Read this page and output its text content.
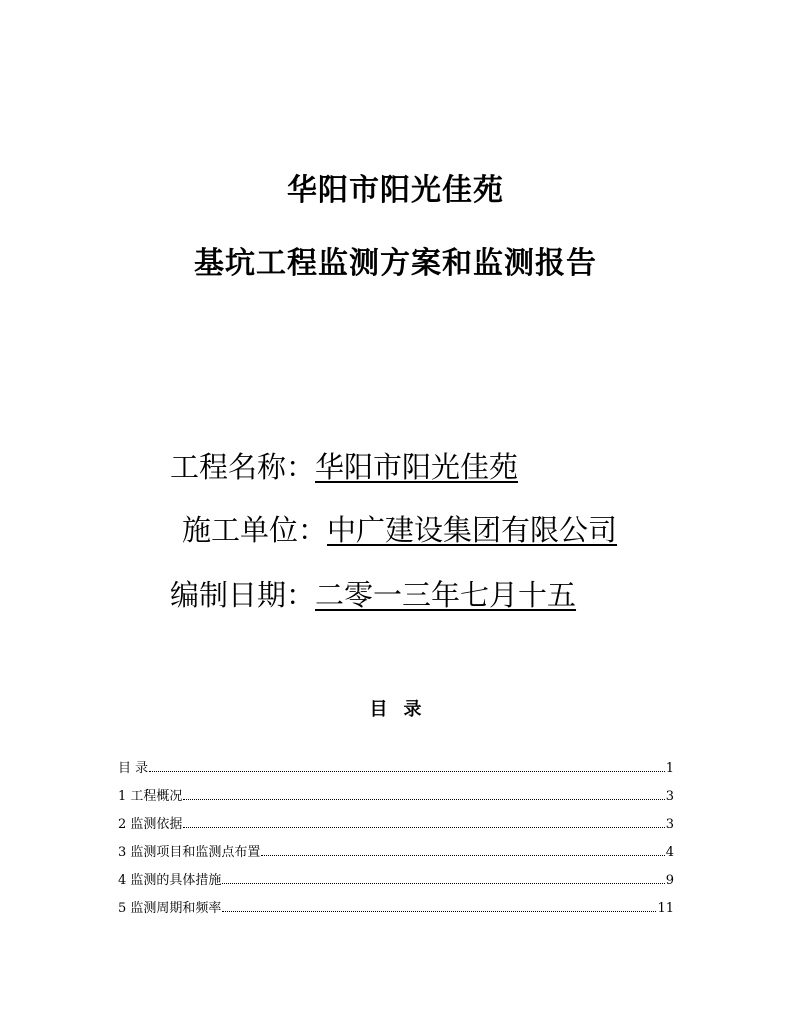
华阳市阳光佳苑
基坑工程监测方案和监测报告
工程名称：华阳市阳光佳苑
施工单位：中广建设集团有限公司
编制日期：二零一三年七月十五
目录
目 录	1
1 工程概况	3
2 监测依据	3
3 监测项目和监测点布置	4
4 监测的具体措施	9
5 监测周期和频率	11
